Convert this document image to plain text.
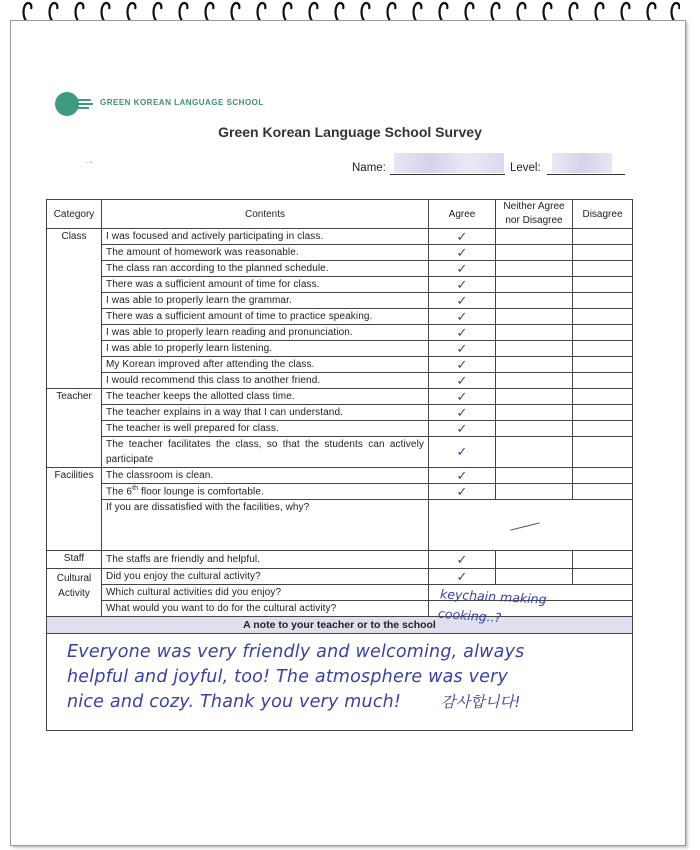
GREEN KOREAN LANGUAGE SCHOOL
Green Korean Language School Survey
·~	Name:	Level:
Category	Contents	Agree	Neither Agree nor Disagree	Disagree
Class	I was focused and actively participating in class.	✓		
	The amount of homework was reasonable.	✓		
	The class ran according to the planned schedule.	✓		
	There was a sufficient amount of time for class.	✓		
	I was able to properly learn the grammar.	✓		
	There was a sufficient amount of time to practice speaking.	✓		
	I was able to properly learn reading and pronunciation.	✓		
	I was able to properly learn listening.	✓		
	My Korean improved after attending the class.	✓		
	I would recommend this class to another friend.	✓		
Teacher	The teacher keeps the allotted class time.	✓		
	The teacher explains in a way that I can understand.	✓		
	The teacher is well prepared for class.	✓		
	The teacher facilitates the class, so that the students can actively participate	✓		
Facilities	The classroom is clean.	✓		
	The 6th floor lounge is comfortable.	✓		
	If you are dissatisfied with the facilities, why?			
Staff	The staffs are friendly and helpful.	✓		
Cultural Activity	Did you enjoy the cultural activity?	✓		
	Which cultural activities did you enjoy?			
	What would you want to do for the cultural activity?			
A note to your teacher or to the school				

Everyone was very friendly and welcoming, always
helpful and joyful, too! The atmosphere was very
nice and cozy. Thank you very much! 감사합니다!				
keychain making
cooking..?
